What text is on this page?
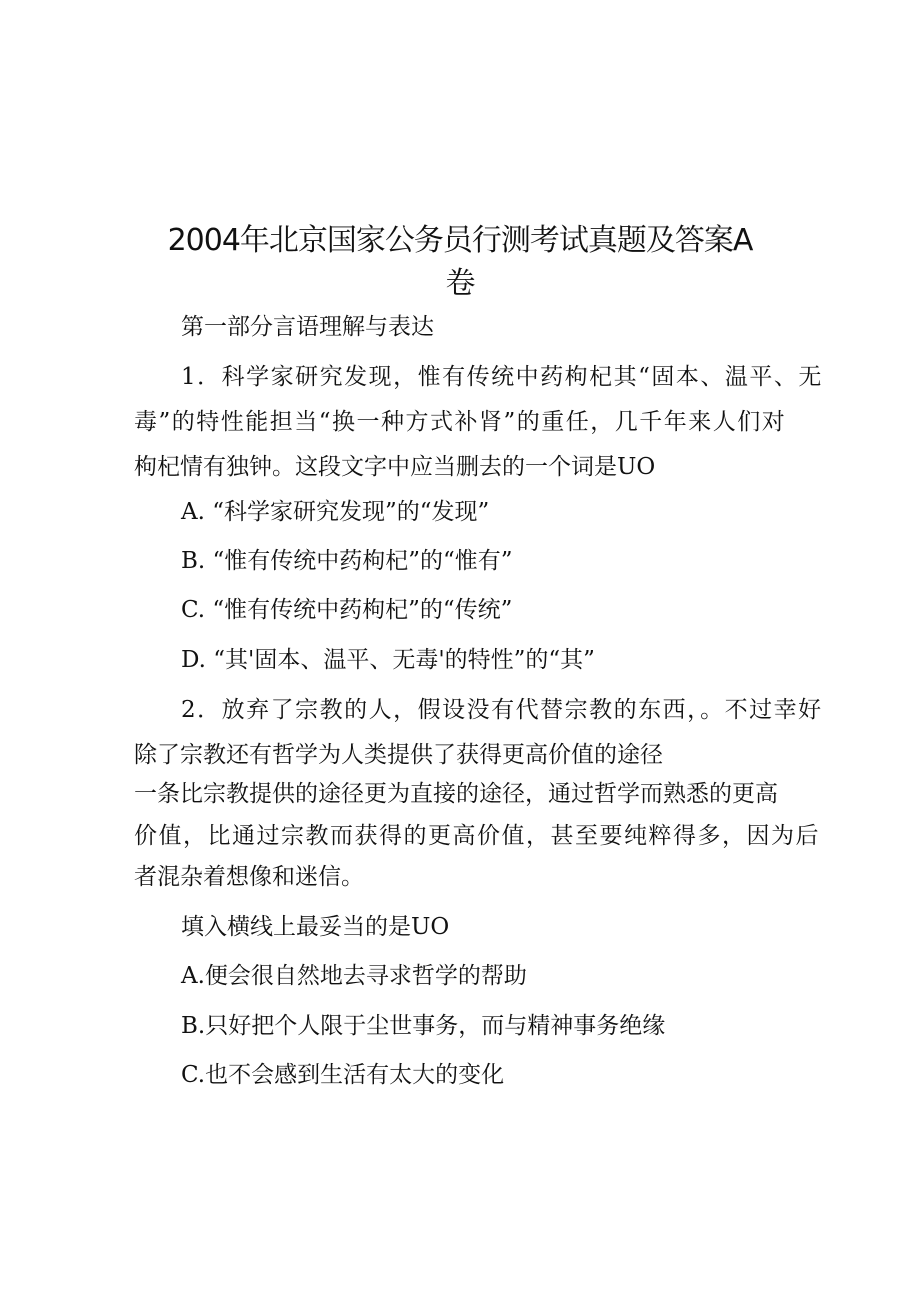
2004年北京国家公务员行测考试真题及答案A
卷

第一部分言语理解与表达

1．科学家研究发现，惟有传统中药枸杞其“固本、温平、无

毒”的特性能担当“换一种方式补肾”的重任，几千年来人们对

枸杞情有独钟。这段文字中应当删去的一个词是UO

A. “科学家研究发现”的“发现”

B. “惟有传统中药枸杞”的“惟有”

C. “惟有传统中药枸杞”的“传统”

D. “其'固本、温平、无毒'的特性”的“其”

2．放弃了宗教的人，假设没有代替宗教的东西，。不过幸好

除了宗教还有哲学为人类提供了获得更高价值的途径

一条比宗教提供的途径更为直接的途径，通过哲学而熟悉的更高

价值，比通过宗教而获得的更高价值，甚至要纯粹得多，因为后

者混杂着想像和迷信。

填入横线上最妥当的是UO

A.便会很自然地去寻求哲学的帮助

B.只好把个人限于尘世事务，而与精神事务绝缘

C.也不会感到生活有太大的变化
